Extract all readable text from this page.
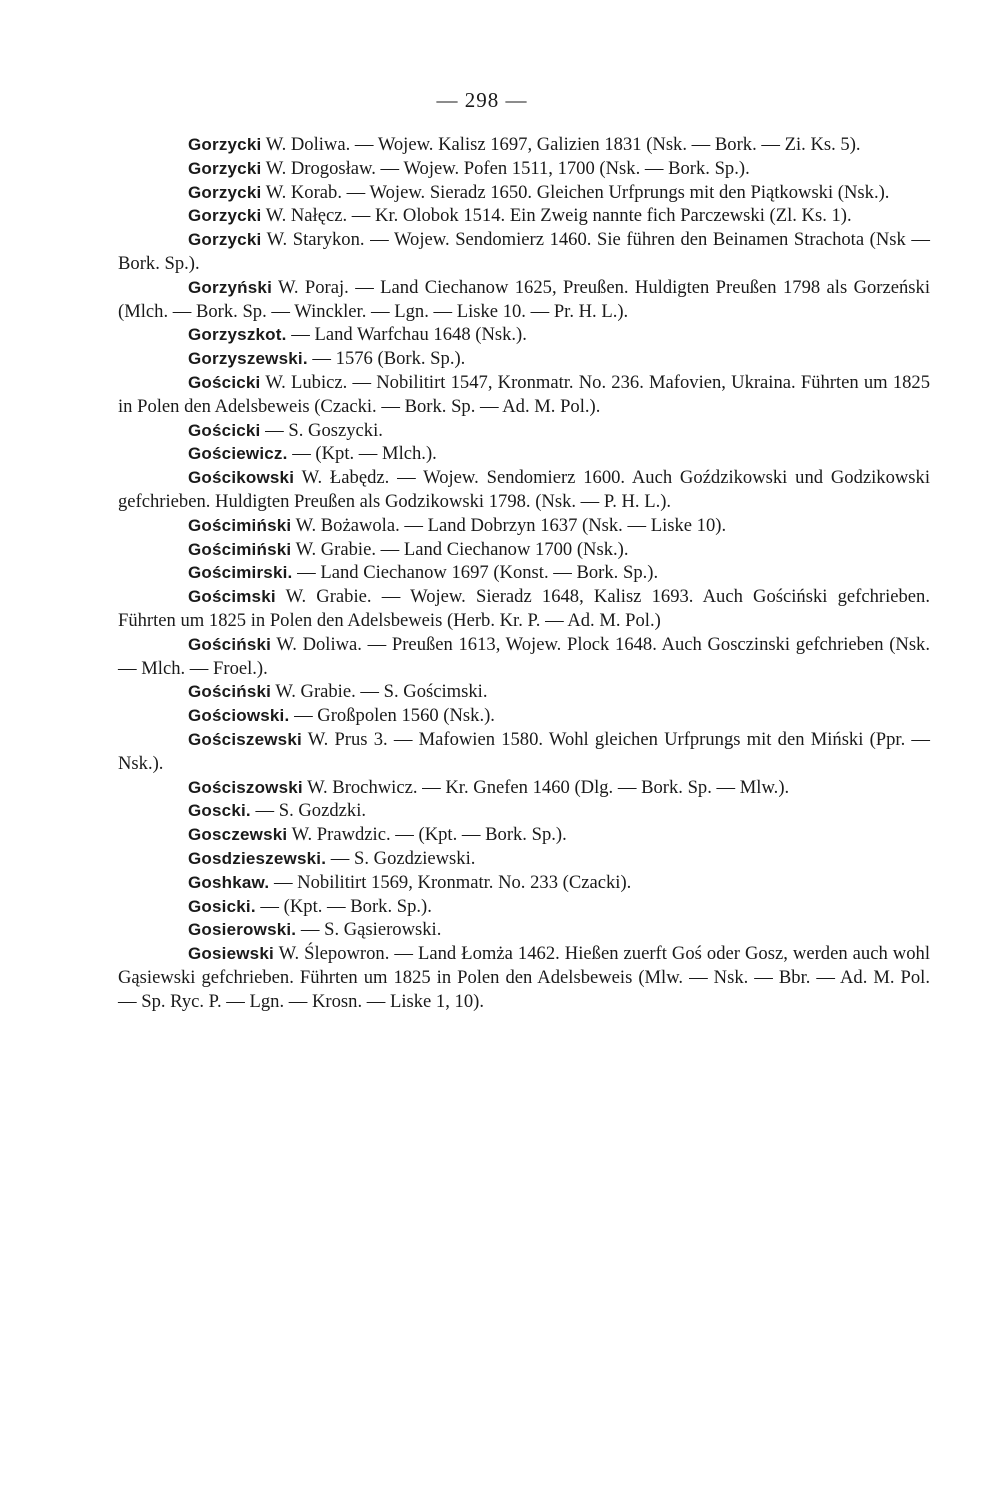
— 298 —

Gorzycki W. Doliwa. — Wojew. Kalisz 1697, Galizien 1831 (Nsk. — Bork. — Zi. Ks. 5).

Gorzycki W. Drogosław. — Wojew. Pofen 1511, 1700 (Nsk. — Bork. Sp.).

Gorzycki W. Korab. — Wojew. Sieradz 1650. Gleichen Urfprungs mit den Piątkowski (Nsk.).

Gorzycki W. Nałęcz. — Kr. Olobok 1514. Ein Zweig nannte fich Parczewski (Zl. Ks. 1).

Gorzycki W. Starykon. — Wojew. Sendomierz 1460. Sie führen den Beinamen Strachota (Nsk — Bork. Sp.).

Gorzyński W. Poraj. — Land Ciechanow 1625, Preußen. Huldigten Preußen 1798 als Gorzeński (Mlch. — Bork. Sp. — Winckler. — Lgn. — Liske 10. — Pr. H. L.).

Gorzyszkot. — Land Warfchau 1648 (Nsk.).

Gorzyszewski. — 1576 (Bork. Sp.).

Gościcki W. Lubicz. — Nobilitirt 1547, Kronmatr. No. 236. Mafovien, Ukraina. Führten um 1825 in Polen den Adelsbeweis (Czacki. — Bork. Sp. — Ad. M. Pol.).

Gościcki — S. Goszycki.

Gościewicz. — (Kpt. — Mlch.).

Gościkowski W. Łabędz. — Wojew. Sendomierz 1600. Auch Goździkowski und Godzikowski gefchrieben. Huldigten Preußen als Godzikowski 1798. (Nsk. — P. H. L.).

Gościmiński W. Bożawola. — Land Dobrzyn 1637 (Nsk. — Liske 10).

Gościmiński W. Grabie. — Land Ciechanow 1700 (Nsk.).

Gościmirski. — Land Ciechanow 1697 (Konst. — Bork. Sp.).

Gościmski W. Grabie. — Wojew. Sieradz 1648, Kalisz 1693. Auch Gościński gefchrieben. Führten um 1825 in Polen den Adelsbeweis (Herb. Kr. P. — Ad. M. Pol.)

Gościński W. Doliwa. — Preußen 1613, Wojew. Plock 1648. Auch Gosczinski gefchrieben (Nsk. — Mlch. — Froel.).

Gościński W. Grabie. — S. Gościmski.

Gościowski. — Großpolen 1560 (Nsk.).

Gościszewski W. Prus 3. — Mafowien 1580. Wohl gleichen Urfprungs mit den Miński (Ppr. — Nsk.).

Gościszowski W. Brochwicz. — Kr. Gnefen 1460 (Dlg. — Bork. Sp. — Mlw.).

Goscki. — S. Gozdzki.

Gosczewski W. Prawdzic. — (Kpt. — Bork. Sp.).

Gosdzieszewski. — S. Gozdziewski.

Goshkaw. — Nobilitirt 1569, Kronmatr. No. 233 (Czacki).

Gosicki. — (Kpt. — Bork. Sp.).

Gosierowski. — S. Gąsierowski.

Gosiewski W. Ślepowron. — Land Łomża 1462. Hießen zuerft Goś oder Gosz, werden auch wohl Gąsiewski gefchrieben. Führten um 1825 in Polen den Adelsbeweis (Mlw. — Nsk. — Bbr. — Ad. M. Pol. — Sp. Ryc. P. — Lgn. — Krosn. — Liske 1, 10).
